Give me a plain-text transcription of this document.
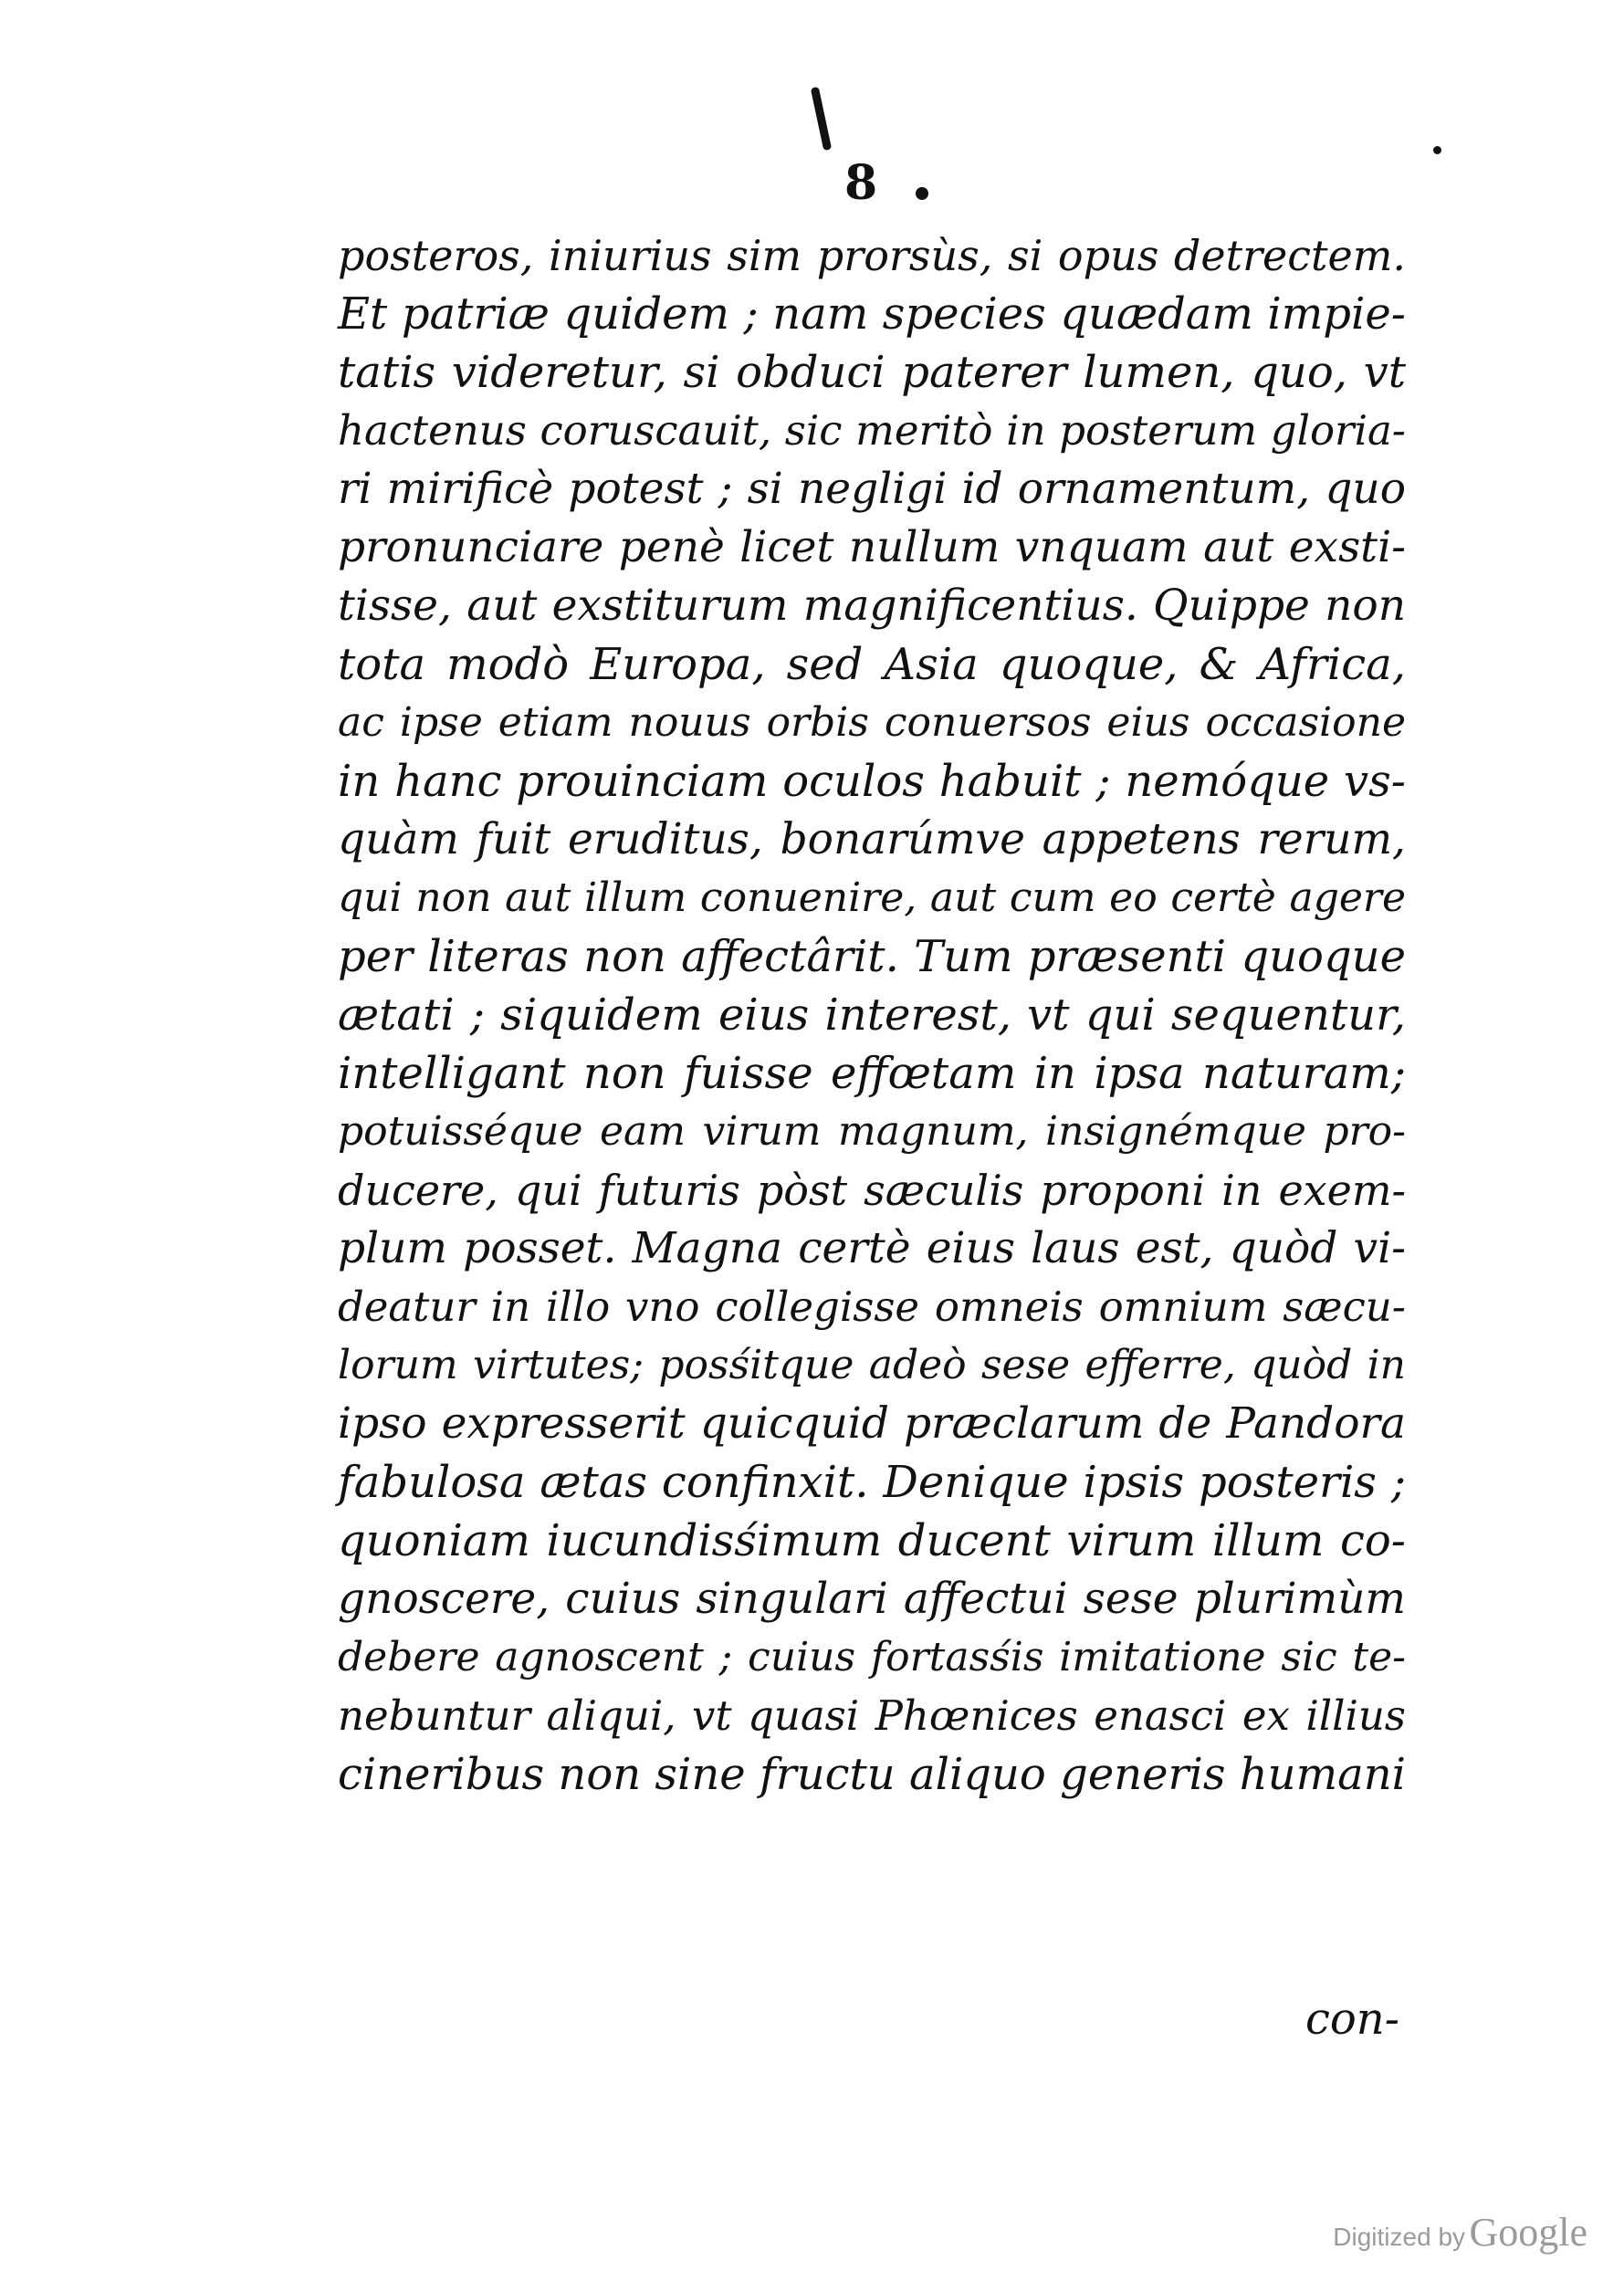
8
posteros, iniurius sim prorsùs, si opus detrectem.
Et patriæ quidem ; nam species quædam impie-
tatis videretur, si obduci paterer lumen, quo, vt
hactenus coruscauit, sic meritò in posterum gloria-
ri mirificè potest ; si negligi id ornamentum, quo
pronunciare penè licet nullum vnquam aut exsti-
tisse, aut exstiturum magnificentius. Quippe non
tota modò Europa, sed Asia quoque, & Africa,
ac ipse etiam nouus orbis conuersos eius occasione
in hanc prouinciam oculos habuit ; nemóque vs-
quàm fuit eruditus, bonarúmve appetens rerum,
qui non aut illum conuenire, aut cum eo certè agere
per literas non affectârit. Tum præsenti quoque
ætati ; siquidem eius interest, vt qui sequentur,
intelligant non fuisse effœtam in ipsa naturam;
potuisséque eam virum magnum, insignémque pro-
ducere, qui futuris pòst sæculis proponi in exem-
plum posset. Magna certè eius laus est, quòd vi-
deatur in illo vno collegisse omneis omnium sæcu-
lorum virtutes; posśitque adeò sese efferre, quòd in
ipso expresserit quicquid præclarum de Pandora
fabulosa ætas confinxit. Denique ipsis posteris ;
quoniam iucundisśimum ducent virum illum co-
gnoscere, cuius singulari affectui sese plurimùm
debere agnoscent ; cuius fortasśis imitatione sic te-
nebuntur aliqui, vt quasi Phœnices enasci ex illius
cineribus non sine fructu aliquo generis humani
con-
Digitized by Google
